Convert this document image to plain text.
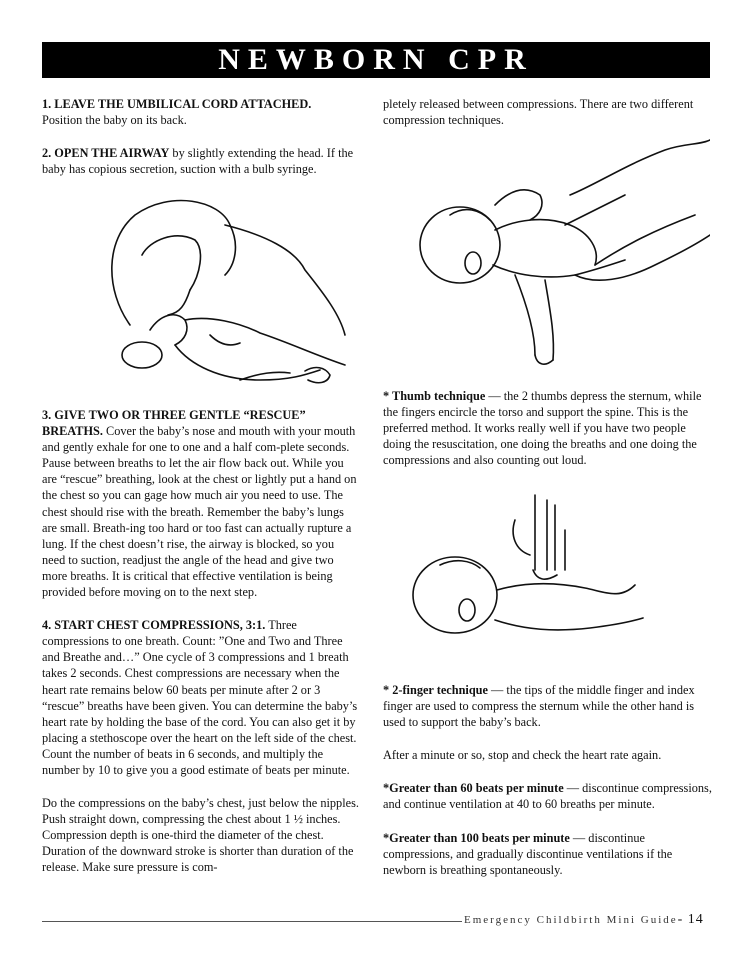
NEWBORN CPR

1. LEAVE THE UMBILICAL CORD ATTACHED.
Position the baby on its back.

2. OPEN THE AIRWAY by slightly extending the head. If the baby has copious secretion, suction with a bulb syringe.

3. GIVE TWO OR THREE GENTLE “RESCUE” BREATHS. Cover the baby’s nose and mouth with your mouth and gently exhale for one to one and a half com-plete seconds. Pause between breaths to let the air flow back out. While you are “rescue” breathing, look at the chest or lightly put a hand on the chest so you can gage how much air you need to use. The chest should rise with the breath. Remember the baby’s lungs are small. Breath-ing too hard or too fast can actually rupture a lung. If the chest doesn’t rise, the airway is blocked, so you need to suction, readjust the angle of the head and give two more breaths. It is critical that effective ventilation is being provided before moving on to the next step.

4. START CHEST COMPRESSIONS, 3:1. Three compressions to one breath. Count: ”One and Two and Three and Breathe and…” One cycle of 3 compressions and 1 breath takes 2 seconds. Chest compressions are necessary when the heart rate remains below 60 beats per minute after 2 or 3 “rescue” breaths have been given. You can determine the baby’s heart rate by holding the base of the cord. You can also get it by placing a stethoscope over the heart on the left side of the chest. Count the number of beats in 6 seconds, and multiply the number by 10 to give you a good estimate of beats per minute.

Do the compressions on the baby’s chest, just below the nipples. Push straight down, compressing the chest about 1 ½ inches. Compression depth is one-third the diameter of the chest. Duration of the downward stroke is shorter than duration of the release. Make sure pressure is com-

pletely released between compressions. There are two different compression techniques.

* Thumb technique — the 2 thumbs depress the sternum, while the fingers encircle the torso and support the spine. This is the preferred method. It works really well if you have two people doing the resuscitation, one doing the breaths and one doing the compressions and also counting out loud.

* 2-finger technique — the tips of the middle finger and index finger are used to compress the sternum while the other hand is used to support the baby’s back.

After a minute or so, stop and check the heart rate again.

*Greater than 60 beats per minute — discontinue compressions, and continue ventilation at 40 to 60 breaths per minute.

*Greater than 100 beats per minute — discontinue compressions, and gradually discontinue ventilations if the newborn is breathing spontaneously.

Emergency Childbirth Mini Guide- 14
